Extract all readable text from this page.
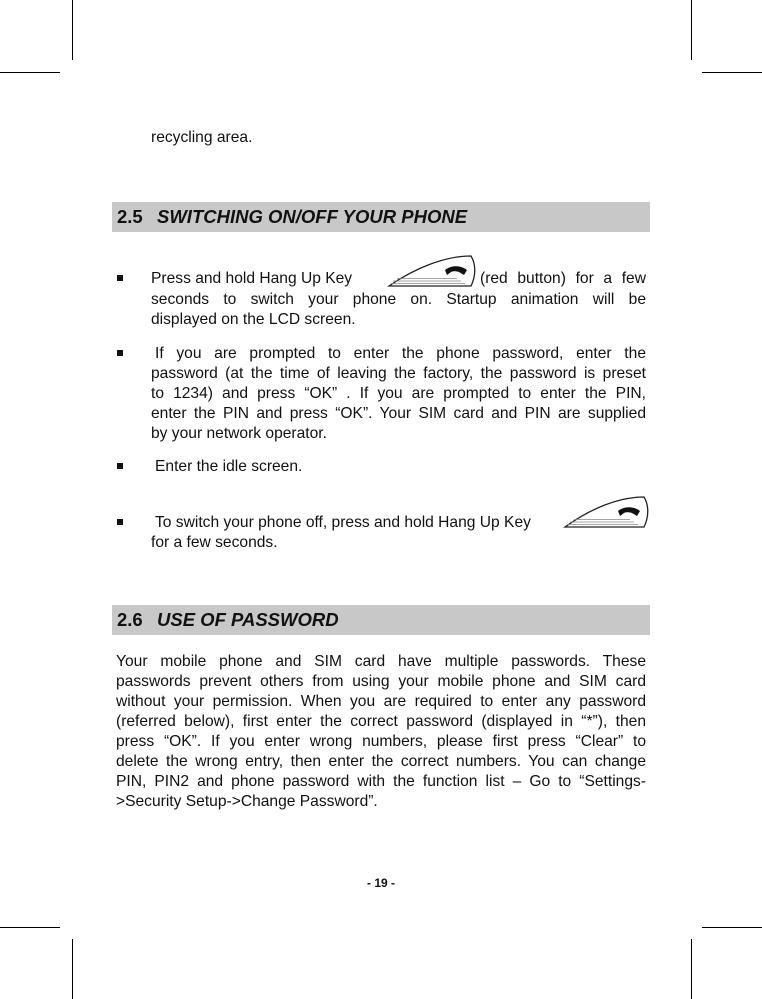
recycling area.
2.5 SWITCHING ON/OFF YOUR PHONE
Press and hold Hang Up Key	(red button) for a few
seconds to switch your phone on. Startup animation will be
displayed on the LCD screen.
If you are prompted to enter the phone password, enter the
password (at the time of leaving the factory, the password is preset
to 1234) and press “OK” . If you are prompted to enter the PIN,
enter the PIN and press “OK”. Your SIM card and PIN are supplied
by your network operator.
Enter the idle screen.
To switch your phone off, press and hold Hang Up Key
for a few seconds.
2.6 USE OF PASSWORD
Your mobile phone and SIM card have multiple passwords. These
passwords prevent others from using your mobile phone and SIM card
without your permission. When you are required to enter any password
(referred below), first enter the correct password (displayed in “*”), then
press “OK”. If you enter wrong numbers, please first press “Clear” to
delete the wrong entry, then enter the correct numbers. You can change
PIN, PIN2 and phone password with the function list – Go to “Settings-
>Security Setup->Change Password”.
- 19 -
